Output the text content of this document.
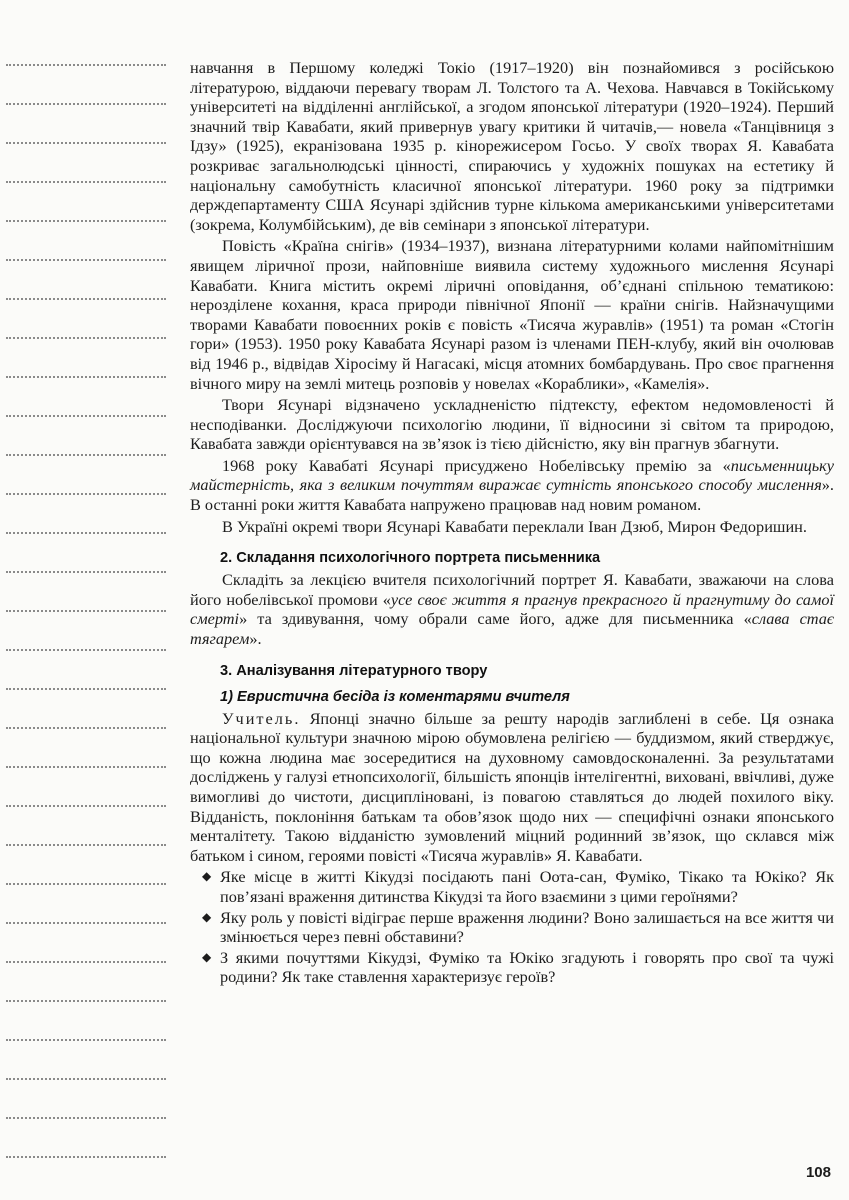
навчання в Першому коледжі Токіо (1917–1920) він познайомився з російською літературою, віддаючи перевагу творам Л. Толстого та А. Чехова. Навчався в Токійському університеті на відділенні англійської, а згодом японської літератури (1920–1924). Перший значний твір Кавабати, який привернув увагу критики й читачів,— новела «Танцівниця з Ідзу» (1925), екранізована 1935 р. кінорежисером Госьо. У своїх творах Я. Кавабата розкриває загальнолюдські цінності, спираючись у художніх пошуках на естетику й національну самобутність класичної японської літератури. 1960 року за підтримки держдепартаменту США Ясунарі здійснив турне кількома американськими університетами (зокрема, Колумбійським), де вів семінари з японської літератури.

Повість «Країна снігів» (1934–1937), визнана літературними колами найпомітнішим явищем ліричної прози, найповніше виявила систему художнього мислення Ясунарі Кавабати. Книга містить окремі ліричні оповідання, об’єднані спільною тематикою: нерозділене кохання, краса природи північної Японії — країни снігів. Найзначущими творами Кавабати повоєнних років є повість «Тисяча журавлів» (1951) та роман «Стогін гори» (1953). 1950 року Кавабата Ясунарі разом із членами ПЕН-клубу, який він очолював від 1946 р., відвідав Хіросіму й Нагасакі, місця атомних бомбардувань. Про своє прагнення вічного миру на землі митець розповів у новелах «Кораблики», «Камелія».

Твори Ясунарі відзначено ускладненістю підтексту, ефектом недомовленості й несподіванки. Досліджуючи психологію людини, її відносини зі світом та природою, Кавабата завжди орієнтувався на зв’язок із тією дійсністю, яку він прагнув збагнути.

1968 року Кавабаті Ясунарі присуджено Нобелівську премію за «письменницьку майстерність, яка з великим почуттям виражає сутність японського способу мислення». В останні роки життя Кавабата напружено працював над новим романом.

В Україні окремі твори Ясунарі Кавабати переклали Іван Дзюб, Мирон Федоришин.

2. Складання психологічного портрета письменника

Складіть за лекцією вчителя психологічний портрет Я. Кавабати, зважаючи на слова його нобелівської промови «усе своє життя я прагнув прекрасного й прагнутиму до самої смерті» та здивування, чому обрали саме його, адже для письменника «слава стає тягарем».

3. Аналізування літературного твору
1) Евристична бесіда із коментарями вчителя

Учитель. Японці значно більше за решту народів заглиблені в себе. Ця ознака національної культури значною мірою обумовлена релігією — буддизмом, який стверджує, що кожна людина має зосередитися на духовному самовдосконаленні. За результатами досліджень у галузі етнопсихології, більшість японців інтелігентні, виховані, ввічливі, дуже вимогливі до чистоти, дисципліновані, із повагою ставляться до людей похилого віку. Відданість, поклоніння батькам та обов’язок щодо них — специфічні ознаки японського менталітету. Такою відданістю зумовлений міцний родинний зв’язок, що склався між батьком і сином, героями повісті «Тисяча журавлів» Я. Кавабати.

◆ Яке місце в житті Кікудзі посідають пані Оота-сан, Фуміко, Тікако та Юкіко? Як пов’язані враження дитинства Кікудзі та його взаємини з цими героїнями?
◆ Яку роль у повісті відіграє перше враження людини? Воно залишається на все життя чи змінюється через певні обставини?
◆ З якими почуттями Кікудзі, Фуміко та Юкіко згадують і говорять про свої та чужі родини? Як таке ставлення характеризує героїв?
108
